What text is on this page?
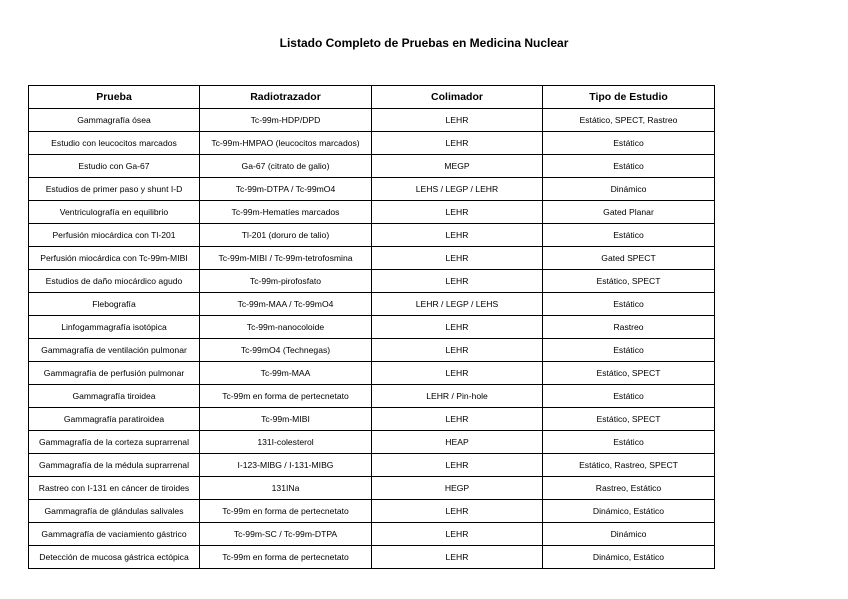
Listado Completo de Pruebas en Medicina Nuclear
Prueba	Radiotrazador	Colimador	Tipo de Estudio
Gammagrafía ósea	Tc-99m-HDP/DPD	LEHR	Estático, SPECT, Rastreo
Estudio con leucocitos marcados	Tc-99m-HMPAO (leucocitos marcados)	LEHR	Estático
Estudio con Ga-67	Ga-67 (citrato de galio)	MEGP	Estático
Estudios de primer paso y shunt I-D	Tc-99m-DTPA / Tc-99mO4	LEHS / LEGP / LEHR	Dinámico
Ventriculografía en equilibrio	Tc-99m-Hematíes marcados	LEHR	Gated Planar
Perfusión miocárdica con Tl-201	Tl-201 (doruro de talio)	LEHR	Estático
Perfusión miocárdica con Tc-99m-MIBI	Tc-99m-MIBI / Tc-99m-tetrofosmina	LEHR	Gated SPECT
Estudios de daño miocárdico agudo	Tc-99m-pirofosfato	LEHR	Estático, SPECT
Flebografía	Tc-99m-MAA / Tc-99mO4	LEHR / LEGP / LEHS	Estático
Linfogammagrafía isotópica	Tc-99m-nanocoloide	LEHR	Rastreo
Gammagrafía de ventilación pulmonar	Tc-99mO4 (Technegas)	LEHR	Estático
Gammagrafía de perfusión pulmonar	Tc-99m-MAA	LEHR	Estático, SPECT
Gammagrafía tiroidea	Tc-99m en forma de pertecnetato	LEHR / Pin-hole	Estático
Gammagrafía paratiroidea	Tc-99m-MIBI	LEHR	Estático, SPECT
Gammagrafía de la corteza suprarrenal	131I-colesterol	HEAP	Estático
Gammagrafía de la médula suprarrenal	I-123-MIBG / I-131-MIBG	LEHR	Estático, Rastreo, SPECT
Rastreo con I-131 en cáncer de tiroides	131INa	HEGP	Rastreo, Estático
Gammagrafía de glándulas salivales	Tc-99m en forma de pertecnetato	LEHR	Dinámico, Estático
Gammagrafía de vaciamiento gástrico	Tc-99m-SC / Tc-99m-DTPA	LEHR	Dinámico
Detección de mucosa gástrica ectópica	Tc-99m en forma de pertecnetato	LEHR	Dinámico, Estático
